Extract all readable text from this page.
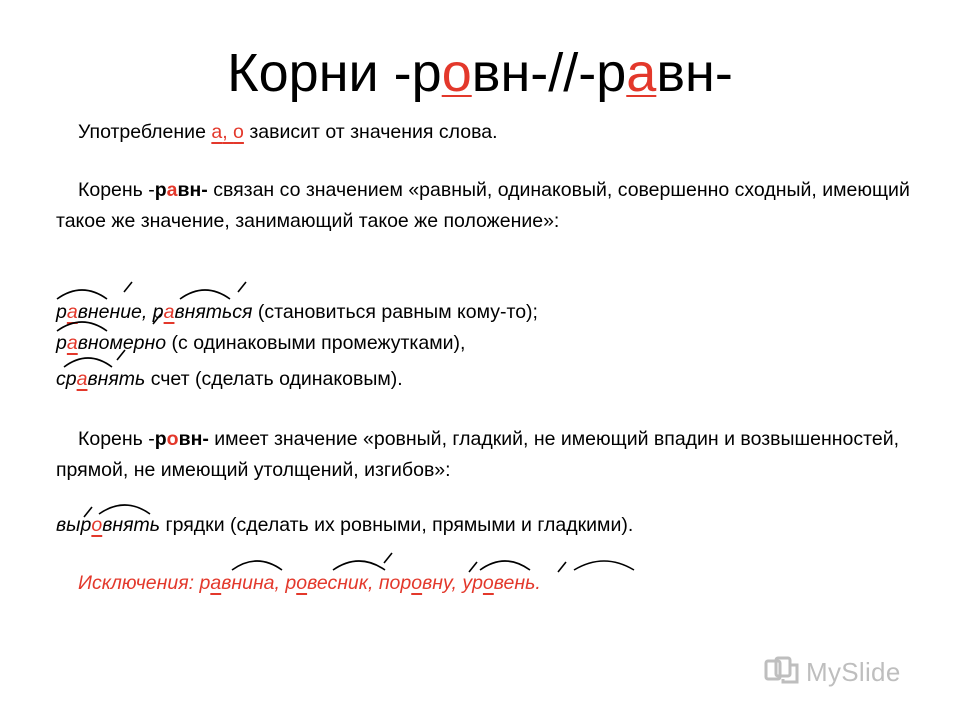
Корни -ровн-//-равн-
Употребление а, о зависит от значения слова.
Корень -равн- связан со значением «равный, одинаковый, совершенно сходный, имеющий такое же значение, занимающий такое же положение»:
равнение, равняться (становиться равным кому-то);
равномерно (с одинаковыми промежутками),
сравнять счет (сделать одинаковым).
Корень -ровн- имеет значение «ровный, гладкий, не имеющий впадин и возвышенностей, прямой, не имеющий утолщений, изгибов»:
выровнять грядки (сделать их ровными, прямыми и гладкими).
Исключения: равнина, ровесник, поровну, уровень.
MySlide
